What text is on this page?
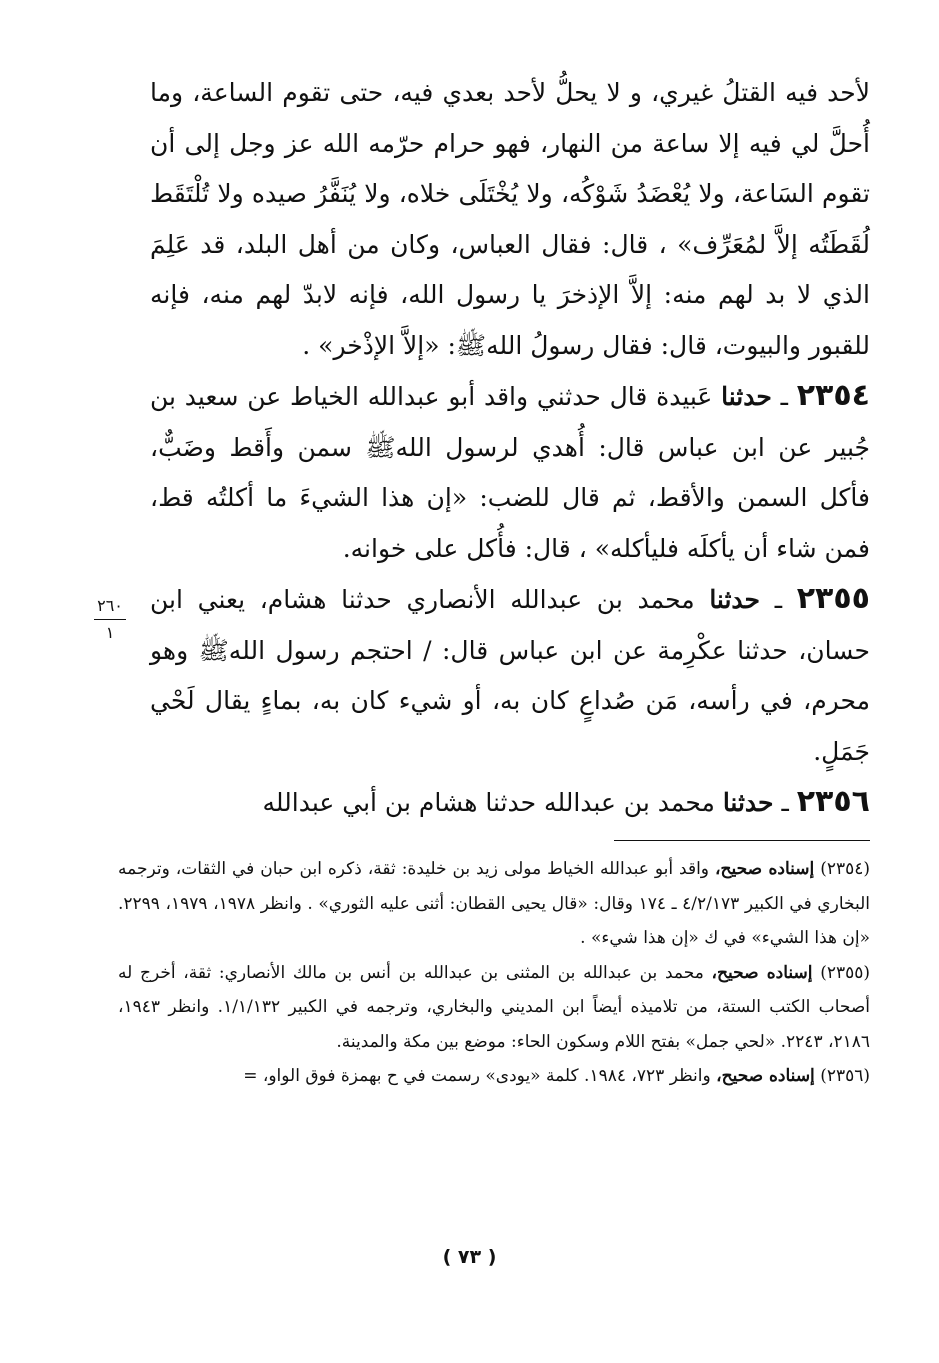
لأحد فيه القتلُ غيري، و لا يحلُّ لأحد بعدي فيه، حتى تقوم الساعة، وما أُحلَّ لي فيه إلا ساعة من النهار، فهو حرام حرّمه الله عز وجل إلى أن تقوم السَاعة، ولا يُعْضَدُ شَوْكُه، ولا يُخْتَلَى خلاه، ولا يُنَفَّرُ صيده ولا تُلْتَقَط لُقَطَتُه إلاَّ لمُعَرِّف» ، قال: فقال العباس، وكان من أهل البلد، قد عَلِمَ الذي لا بد لهم منه: إلاَّ الإذخرَ يا رسول الله، فإنه لابدّ لهم منه، فإنه للقبور والبيوت، قال: فقال رسولُ اللهﷺ: «إلاَّ الإذْخر» .

٢٣٥٤ ـ حدثنا عَبيدة قال حدثني واقد أبو عبدالله الخياط عن سعيد بن جُبير عن ابن عباس قال: أُهدي لرسول اللهﷺ سمن وأَقط وضَبٌّ، فأكل السمن والأقط، ثم قال للضب: «إن هذا الشيءَ ما أكلتُه قط، فمن شاء أن يأكلَه فليأكله» ، قال: فأُكل على خوانه.

٢٣٥٥ ـ حدثنا محمد بن عبدالله الأنصاري حدثنا هشام، يعني ابن حسان، حدثنا عكْرِمة عن ابن عباس قال: / احتجم رسول اللهﷺ وهو محرم، في رأسه، مَن صُداعٍ كان به، أو شيء كان به، بماءٍ يقال لَحْي جَمَلٍ.

٢٣٥٦ ـ حدثنا محمد بن عبدالله حدثنا هشام بن أبي عبدالله

٢٦٠
١

(٢٣٥٤) إسناده صحيح، واقد أبو عبدالله الخياط مولى زيد بن خليدة: ثقة، ذكره ابن حبان في الثقات، وترجمه البخاري في الكبير ٤/٢/١٧٣ ـ ١٧٤ وقال: «قال يحيى القطان: أثنى عليه الثوري» . وانظر ١٩٧٨، ١٩٧٩، ٢٢٩٩. «إن هذا الشيء» في ك «إن هذا شيء» .

(٢٣٥٥) إسناده صحيح، محمد بن عبدالله بن المثنى بن عبدالله بن أنس بن مالك الأنصاري: ثقة، أخرج له أصحاب الكتب الستة، من تلاميذه أيضاً ابن المديني والبخاري، وترجمه في الكبير ١/١/١٣٢. وانظر ١٩٤٣، ٢١٨٦، ٢٢٤٣. «لحي جمل» بفتح اللام وسكون الحاء: موضع بين مكة والمدينة.

(٢٣٥٦) إسناده صحيح، وانظر ٧٢٣، ١٩٨٤. كلمة «يودى» رسمت في ح بهمزة فوق الواو، =

( ٧٣ )
